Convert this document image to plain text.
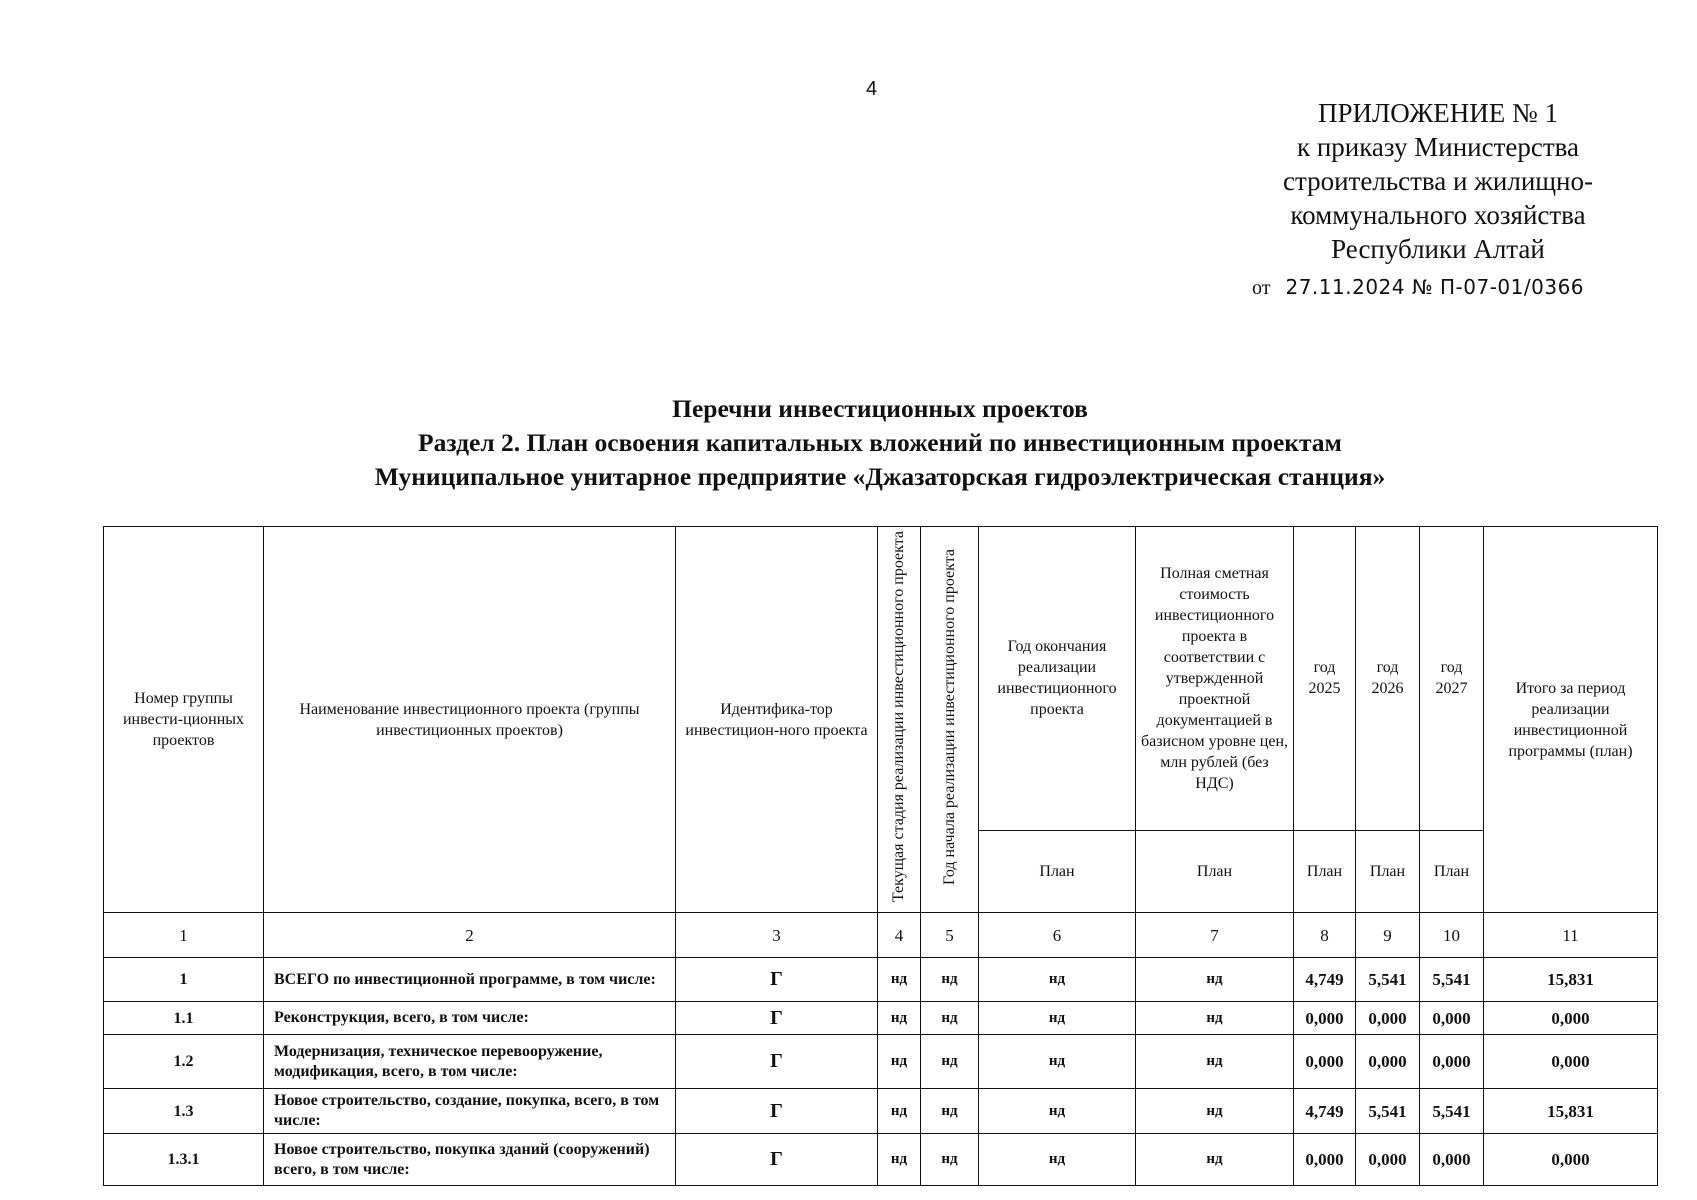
4
ПРИЛОЖЕНИЕ № 1
к приказу Министерства
строительства и жилищно-
коммунального хозяйства
Республики Алтай
от 27.11.2024 № П-07-01/0366
Перечни инвестиционных проектов
Раздел 2. План освоения капитальных вложений по инвестиционным проектам
Муниципальное унитарное предприятие «Джазаторская гидроэлектрическая станция»
Номер группы инвести-ционных проектов	Наименование инвестиционного проекта (группы инвестиционных проектов)	Идентифика-тор инвестицион-ного проекта	Текущая стадия реализации инвестиционного проекта	Год начала реализации инвестиционного проекта	Год окончания реализации инвестиционного проекта	Полная сметная стоимость инвестиционного проекта в соответствии с утвержденной проектной документацией в базисном уровне цен, млн рублей (без НДС)	год 2025	год 2026	год 2027	Итого за период реализации инвестиционной программы (план)
					План	План	План	План	План	
1	2	3	4	5	6	7	8	9	10	11
1	ВСЕГО по инвестиционной программе, в том числе:	Г	нд	нд	нд	нд	4,749	5,541	5,541	15,831
1.1	Реконструкция, всего, в том числе:	Г	нд	нд	нд	нд	0,000	0,000	0,000	0,000
1.2	Модернизация, техническое перевооружение, модификация, всего, в том числе:	Г	нд	нд	нд	нд	0,000	0,000	0,000	0,000
1.3	Новое строительство, создание, покупка, всего, в том числе:	Г	нд	нд	нд	нд	4,749	5,541	5,541	15,831
1.3.1	Новое строительство, покупка зданий (сооружений) всего, в том числе:	Г	нд	нд	нд	нд	0,000	0,000	0,000	0,000
